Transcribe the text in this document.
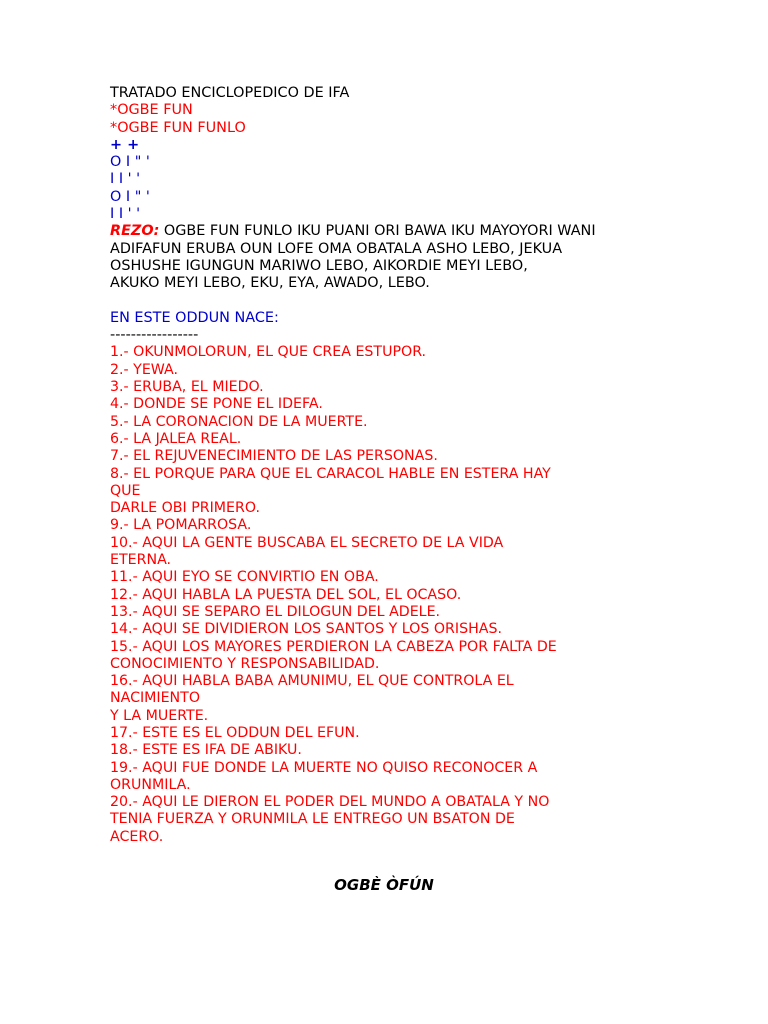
TRATADO ENCICLOPEDICO DE IFA

*OGBE FUN

*OGBE FUN FUNLO

+ +

O I " '

I I ' '

O I " '

I I ' '

REZO: OGBE FUN FUNLO IKU PUANI ORI BAWA IKU MAYOYORI WANI

ADIFAFUN ERUBA OUN LOFE OMA OBATALA ASHO LEBO, JEKUA

OSHUSHE IGUNGUN MARIWO LEBO, AIKORDIE MEYI LEBO,

AKUKO MEYI LEBO, EKU, EYA, AWADO, LEBO.

EN ESTE ODDUN NACE:

-----------------

1.- OKUNMOLORUN, EL QUE CREA ESTUPOR.

2.- YEWA.

3.- ERUBA, EL MIEDO.

4.- DONDE SE PONE EL IDEFA.

5.- LA CORONACION DE LA MUERTE.

6.- LA JALEA REAL.

7.- EL REJUVENECIMIENTO DE LAS PERSONAS.

8.- EL PORQUE PARA QUE EL CARACOL HABLE EN ESTERA HAY

QUE

DARLE OBI PRIMERO.

9.- LA POMARROSA.

10.- AQUI LA GENTE BUSCABA EL SECRETO DE LA VIDA

ETERNA.

11.- AQUI EYO SE CONVIRTIO EN OBA.

12.- AQUI HABLA LA PUESTA DEL SOL, EL OCASO.

13.- AQUI SE SEPARO EL DILOGUN DEL ADELE.

14.- AQUI SE DIVIDIERON LOS SANTOS Y LOS ORISHAS.

15.- AQUI LOS MAYORES PERDIERON LA CABEZA POR FALTA DE

CONOCIMIENTO Y RESPONSABILIDAD.

16.- AQUI HABLA BABA AMUNIMU, EL QUE CONTROLA EL

NACIMIENTO

Y LA MUERTE.

17.- ESTE ES EL ODDUN DEL EFUN.

18.- ESTE ES IFA DE ABIKU.

19.- AQUI FUE DONDE LA MUERTE NO QUISO RECONOCER A

ORUNMILA.

20.- AQUI LE DIERON EL PODER DEL MUNDO A OBATALA Y NO

TENIA FUERZA Y ORUNMILA LE ENTREGO UN BSATON DE

ACERO.

OGBÈ ÒFÚN
